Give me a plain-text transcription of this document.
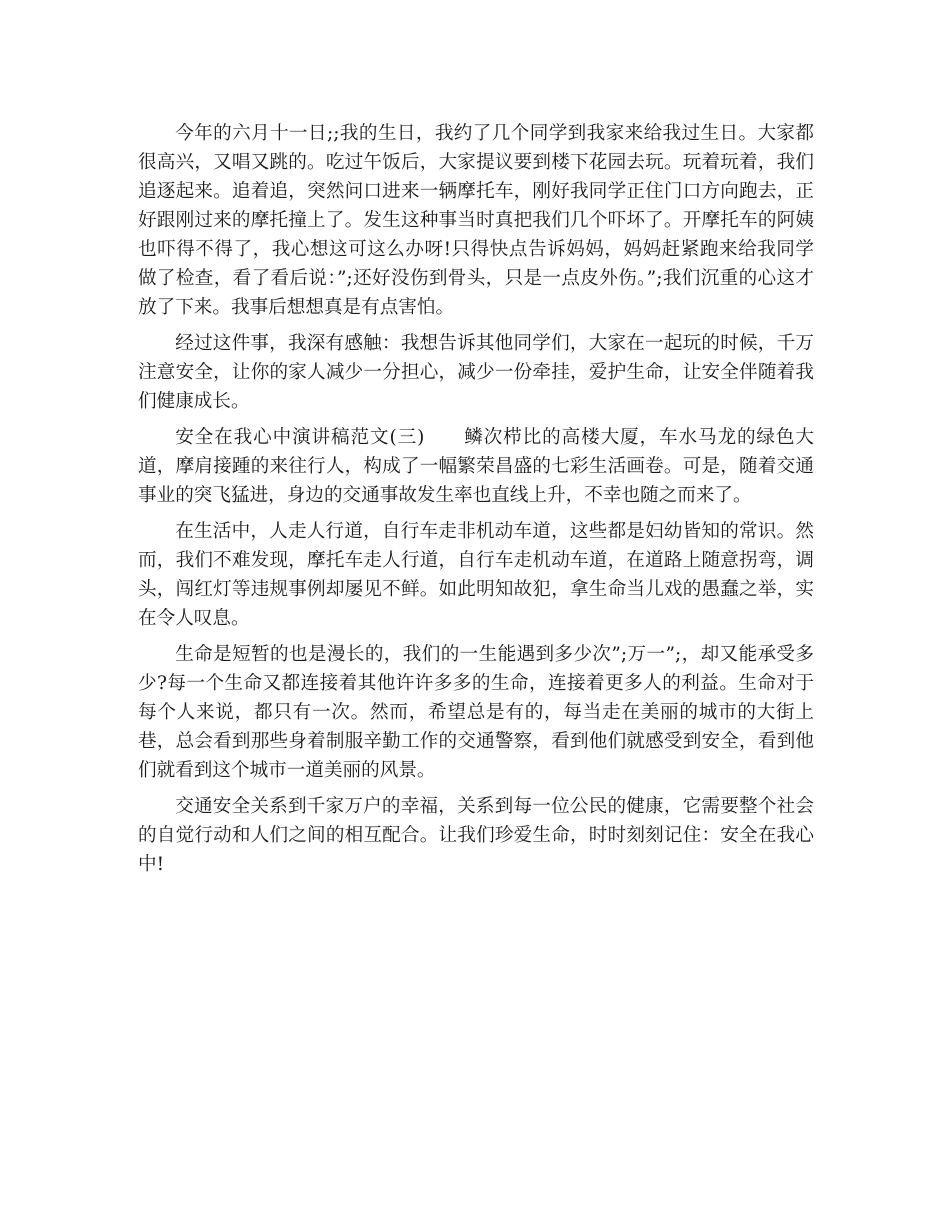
今年的六月十一日;;我的生日，我约了几个同学到我家来给我过生日。大家都很高兴，又唱又跳的。吃过午饭后，大家提议要到楼下花园去玩。玩着玩着，我们追逐起来。追着追，突然问口进来一辆摩托车，刚好我同学正住门口方向跑去，正好跟刚过来的摩托撞上了。发生这种事当时真把我们几个吓坏了。开摩托车的阿姨也吓得不得了，我心想这可这么办呀!只得快点告诉妈妈，妈妈赶紧跑来给我同学做了检查，看了看后说：”;还好没伤到骨头，只是一点皮外伤。”;我们沉重的心这才放了下来。我事后想想真是有点害怕。

经过这件事，我深有感触：我想告诉其他同学们，大家在一起玩的时候，千万注意安全，让你的家人减少一分担心，减少一份牵挂，爱护生命，让安全伴随着我们健康成长。

安全在我心中演讲稿范文(三)　　鳞次栉比的高楼大厦，车水马龙的绿色大道，摩肩接踵的来往行人，构成了一幅繁荣昌盛的七彩生活画卷。可是，随着交通事业的突飞猛进，身边的交通事故发生率也直线上升，不幸也随之而来了。

在生活中，人走人行道，自行车走非机动车道，这些都是妇幼皆知的常识。然而，我们不难发现，摩托车走人行道，自行车走机动车道，在道路上随意拐弯，调头，闯红灯等违规事例却屡见不鲜。如此明知故犯，拿生命当儿戏的愚蠢之举，实在令人叹息。

生命是短暂的也是漫长的，我们的一生能遇到多少次”;万一”;，却又能承受多少?每一个生命又都连接着其他许许多多的生命，连接着更多人的利益。生命对于每个人来说，都只有一次。然而，希望总是有的，每当走在美丽的城市的大街上巷，总会看到那些身着制服辛勤工作的交通警察，看到他们就感受到安全，看到他们就看到这个城市一道美丽的风景。

交通安全关系到千家万户的幸福，关系到每一位公民的健康，它需要整个社会的自觉行动和人们之间的相互配合。让我们珍爱生命，时时刻刻记住：安全在我心中!
